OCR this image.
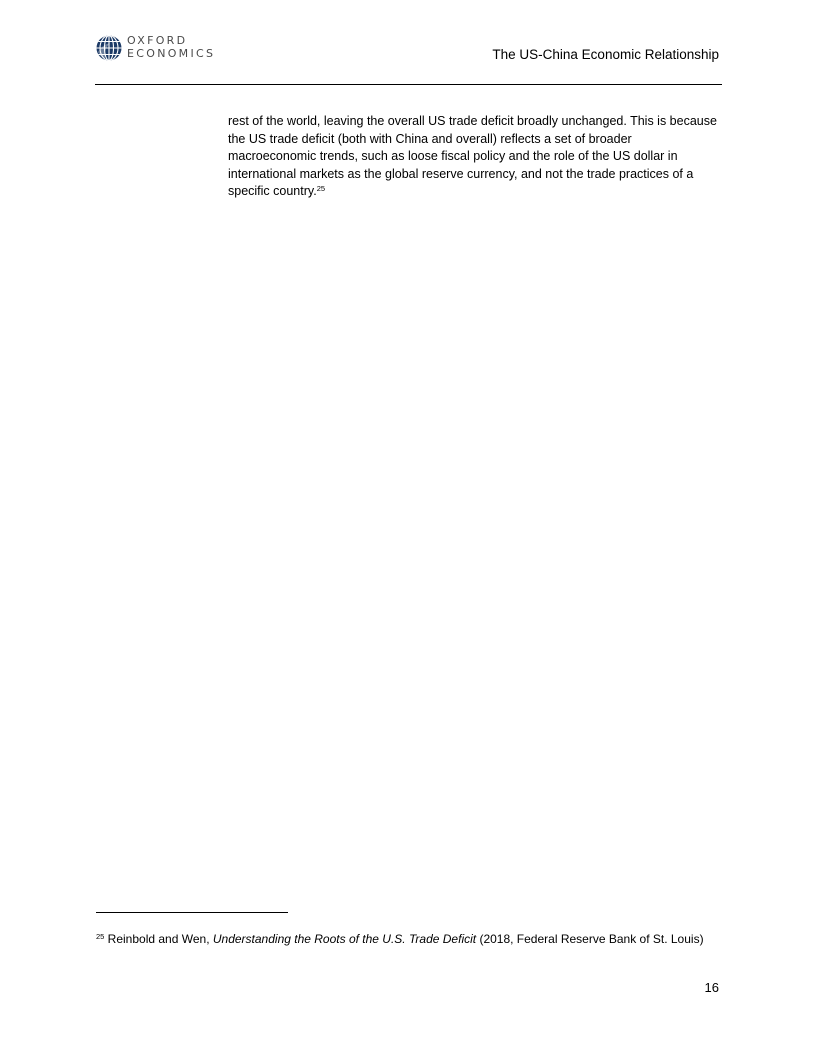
OXFORD
ECONOMICS	The US-China Economic Relationship

rest of the world, leaving the overall US trade deficit broadly unchanged. This is because the US trade deficit (both with China and overall) reflects a set of broader macroeconomic trends, such as loose fiscal policy and the role of the US dollar in international markets as the global reserve currency, and not the trade practices of a specific country.$^{25}$

$^{25}$ Reinbold and Wen, Understanding the Roots of the U.S. Trade Deficit (2018, Federal Reserve Bank of St. Louis)

16
